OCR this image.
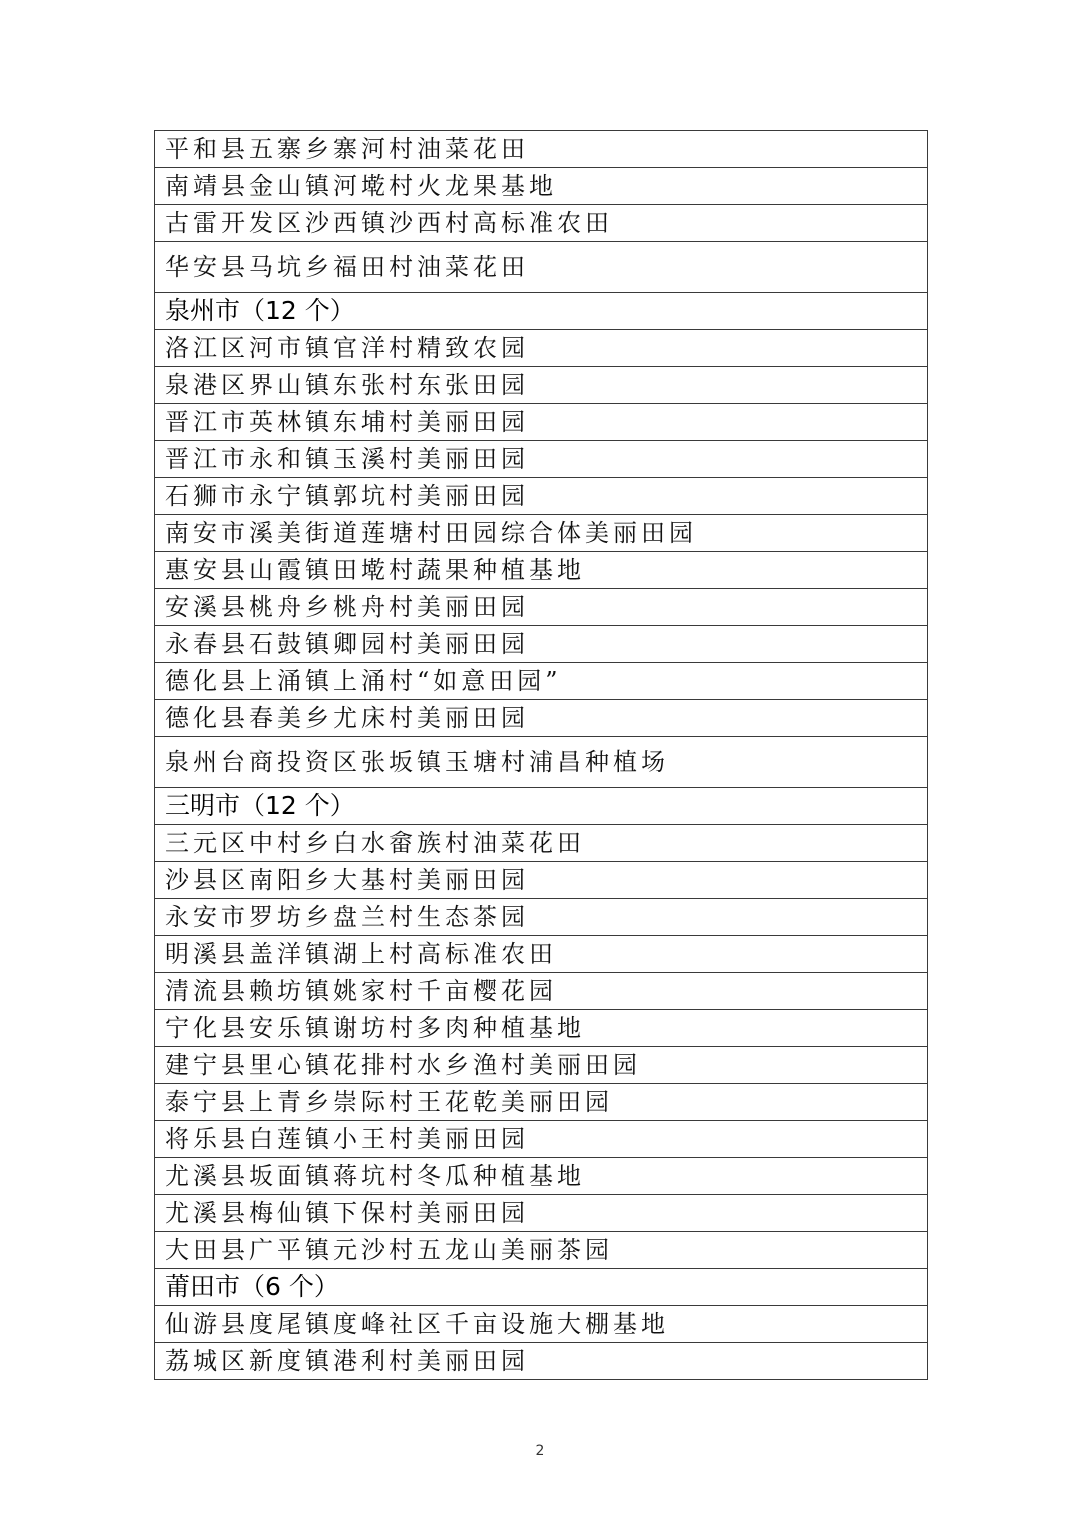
平和县五寨乡寨河村油菜花田
南靖县金山镇河墘村火龙果基地
古雷开发区沙西镇沙西村高标准农田
华安县马坑乡福田村油菜花田
泉州市（12 个）
洛江区河市镇官洋村精致农园
泉港区界山镇东张村东张田园
晋江市英林镇东埔村美丽田园
晋江市永和镇玉溪村美丽田园
石狮市永宁镇郭坑村美丽田园
南安市溪美街道莲塘村田园综合体美丽田园
惠安县山霞镇田墘村蔬果种植基地
安溪县桃舟乡桃舟村美丽田园
永春县石鼓镇卿园村美丽田园
德化县上涌镇上涌村“如意田园”
德化县春美乡尤床村美丽田园
泉州台商投资区张坂镇玉塘村浦昌种植场
三明市（12 个）
三元区中村乡白水畲族村油菜花田
沙县区南阳乡大基村美丽田园
永安市罗坊乡盘兰村生态茶园
明溪县盖洋镇湖上村高标准农田
清流县赖坊镇姚家村千亩樱花园
宁化县安乐镇谢坊村多肉种植基地
建宁县里心镇花排村水乡渔村美丽田园
泰宁县上青乡崇际村王花乾美丽田园
将乐县白莲镇小王村美丽田园
尤溪县坂面镇蒋坑村冬瓜种植基地
尤溪县梅仙镇下保村美丽田园
大田县广平镇元沙村五龙山美丽茶园
莆田市（6 个）
仙游县度尾镇度峰社区千亩设施大棚基地
荔城区新度镇港利村美丽田园
2
